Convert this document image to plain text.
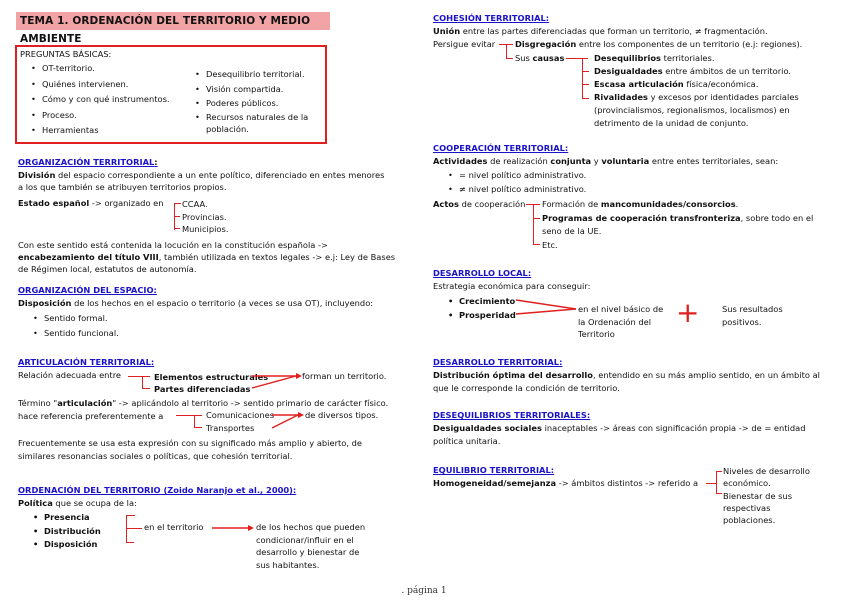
TEMA 1. ORDENACIÓN DEL TERRITORIO Y MEDIO AMBIENTE
PREGUNTAS BÁSICAS:
• OT-territorio.
• Quiénes intervienen.
• Cómo y con qué instrumentos.
• Proceso.
• Herramientas
• Desequilibrio territorial.
• Visión compartida.
• Poderes públicos.
• Recursos naturales de la
población.
ORGANIZACIÓN TERRITORIAL:
División del espacio correspondiente a un ente político, diferenciado en entes menores
a los que también se atribuyen territorios propios.
Estado español -> organizado en CCAA.
Provincias.
Municipios.
Con este sentido está contenida la locución en la constitución española ->
encabezamiento del título VIII, también utilizada en textos legales -> e.j: Ley de Bases
de Régimen local, estatutos de autonomía.
ORGANIZACIÓN DEL ESPACIO:
Disposición de los hechos en el espacio o territorio (a veces se usa OT), incluyendo:
• Sentido formal.
• Sentido funcional.
ARTICULACIÓN TERRITORIAL:
Relación adecuada entre	Elementos estructurales
Partes diferenciadas
forman un territorio.
Término "articulación" -> aplicándolo al territorio -> sentido primario de carácter físico.
hace referencia preferentemente a	Comunicaciones
Transportes
de diversos tipos.
Frecuentemente se usa esta expresión con su significado más amplio y abierto, de
similares resonancias sociales o políticas, que cohesión territorial.
ORDENACIÓN DEL TERRITORIO (Zoido Naranjo et al., 2000):
Política que se ocupa de la:
• Presencia
• Distribución
• Disposición
en el territorio	de los hechos que pueden
condicionar/influir en el
desarrollo y bienestar de
sus habitantes.
COHESIÓN TERRITORIAL:
Unión entre las partes diferenciadas que forman un territorio, ≠ fragmentación.
Persigue evitar Disgregación entre los componentes de un territorio (e.j: regiones).
Sus causas	Desequilibrios territoriales.
Desigualdades entre ámbitos de un territorio.
Escasa articulación física/económica.
Rivalidades y excesos por identidades parciales
(provincialismos, regionalismos, localismos) en
detrimento de la unidad de conjunto.
COOPERACIÓN TERRITORIAL:
Actividades de realización conjunta y voluntaria entre entes territoriales, sean:
• = nivel político administrativo.
• ≠ nivel político administrativo.
Actos de cooperación Formación de mancomunidades/consorcios.
Programas de cooperación transfronteriza, sobre todo en el
seno de la UE.
Etc.
DESARROLLO LOCAL:
Estrategia económica para conseguir:
• Crecimiento
• Prosperidad
en el nivel básico de
la Ordenación del
Territorio
+	Sus resultados
positivos.
DESARROLLO TERRITORIAL:
Distribución óptima del desarrollo, entendido en su más amplio sentido, en un ámbito al
que le corresponde la condición de territorio.
DESEQUILIBRIOS TERRITORIALES:
Desigualdades sociales inaceptables -> áreas con significación propia -> de = entidad
política unitaria.
EQUILIBRIO TERRITORIAL:
Homogeneidad/semejanza -> ámbitos distintos -> referido a
Niveles de desarrollo
económico.
Bienestar de sus
respectivas
poblaciones.
. página 1
